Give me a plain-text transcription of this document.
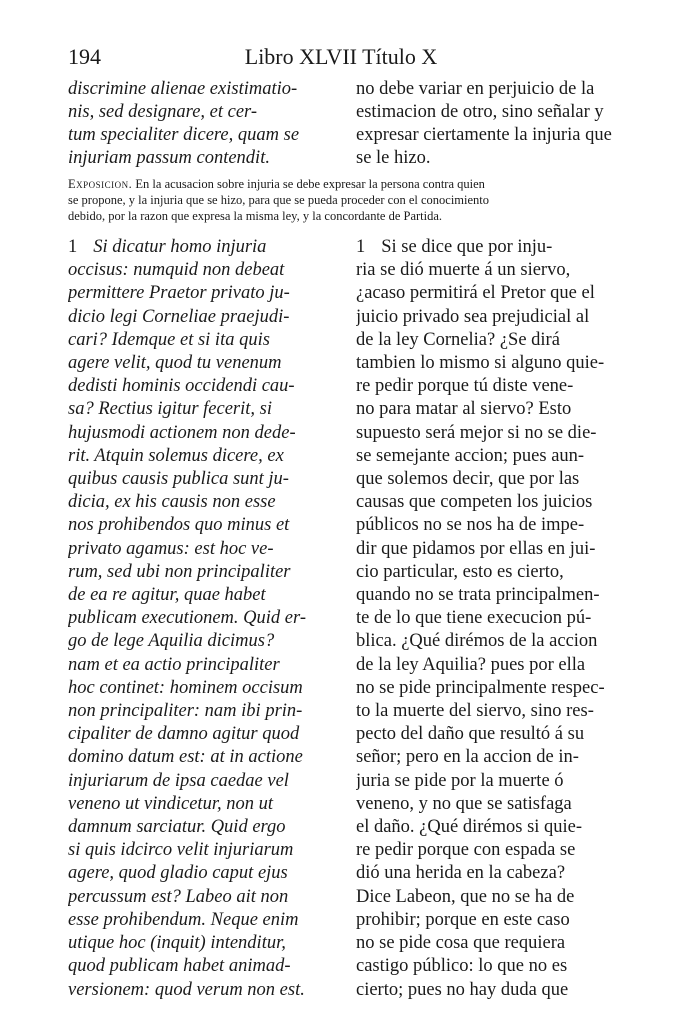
194	Libro XLVII Título X
discrimine alienae existimatio-
nis, sed designare, et cer-
tum specialiter dicere, quam se
injuriam passum contendit.
no debe variar en perjuicio de la
estimacion de otro, sino señalar y
expresar ciertamente la injuria que
se le hizo.
Exposicion. En la acusacion sobre injuria se debe expresar la persona contra quien
se propone, y la injuria que se hizo, para que se pueda proceder con el conocimiento
debido, por la razon que expresa la misma ley, y la concordante de Partida.
1 Si dicatur homo injuria
occisus: numquid non debeat
permittere Praetor privato ju-
dicio legi Corneliae praejudi-
cari? Idemque et si ita quis
agere velit, quod tu venenum
dedisti hominis occidendi cau-
sa? Rectius igitur fecerit, si
hujusmodi actionem non dede-
rit. Atquin solemus dicere, ex
quibus causis publica sunt ju-
dicia, ex his causis non esse
nos prohibendos quo minus et
privato agamus: est hoc ve-
rum, sed ubi non principaliter
de ea re agitur, quae habet
publicam executionem. Quid er-
go de lege Aquilia dicimus?
nam et ea actio principaliter
hoc continet: hominem occisum
non principaliter: nam ibi prin-
cipaliter de damno agitur quod
domino datum est: at in actione
injuriarum de ipsa caedae vel
veneno ut vindicetur, non ut
damnum sarciatur. Quid ergo
si quis idcirco velit injuriarum
agere, quod gladio caput ejus
percussum est? Labeo ait non
esse prohibendum. Neque enim
utique hoc (inquit) intenditur,
quod publicam habet animad-
versionem: quod verum non est.
1 Si se dice que por inju-
ria se dió muerte á un siervo,
¿acaso permitirá el Pretor que el
juicio privado sea prejudicial al
de la ley Cornelia? ¿Se dirá
tambien lo mismo si alguno quie-
re pedir porque tú diste vene-
no para matar al siervo? Esto
supuesto será mejor si no se die-
se semejante accion; pues aun-
que solemos decir, que por las
causas que competen los juicios
públicos no se nos ha de impe-
dir que pidamos por ellas en jui-
cio particular, esto es cierto,
quando no se trata principalmen-
te de lo que tiene execucion pú-
blica. ¿Qué dirémos de la accion
de la ley Aquilia? pues por ella
no se pide principalmente respec-
to la muerte del siervo, sino res-
pecto del daño que resultó á su
señor; pero en la accion de in-
juria se pide por la muerte ó
veneno, y no que se satisfaga
el daño. ¿Qué dirémos si quie-
re pedir porque con espada se
dió una herida en la cabeza?
Dice Labeon, que no se ha de
prohibir; porque en este caso
no se pide cosa que requiera
castigo público: lo que no es
cierto; pues no hay duda que
